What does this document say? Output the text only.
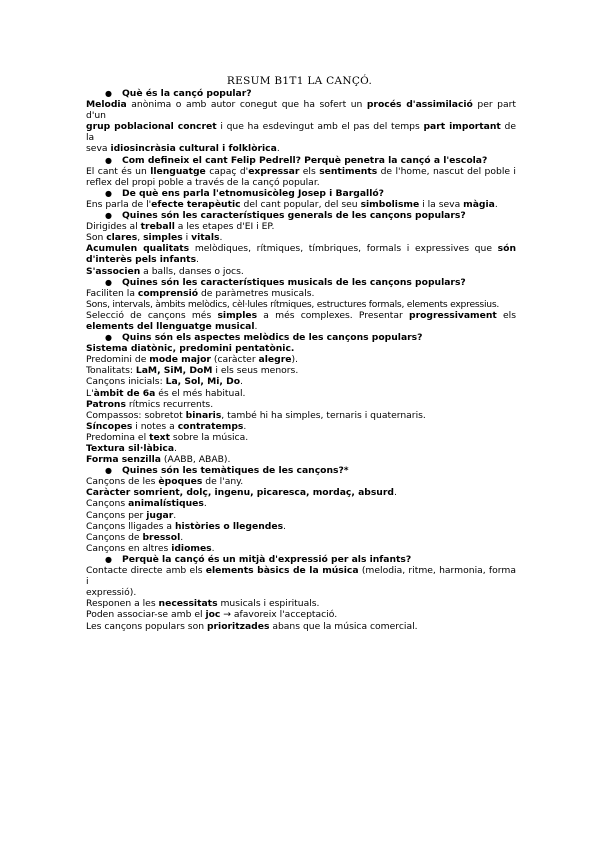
RESUM B1T1 LA CANÇÓ.
● Què és la cançó popular?
Melodia anònima o amb autor conegut que ha sofert un procés d'assimilació per part d'un
grup poblacional concret i que ha esdevingut amb el pas del temps part important de la
seva idiosincràsia cultural i folklòrica.
● Com defineix el cant Felip Pedrell? Perquè penetra la cançó a l'escola?
El cant és un llenguatge capaç d'expressar els sentiments de l'home, nascut del poble i
reflex del propi poble a través de la cançó popular.
● De què ens parla l'etnomusicòleg Josep i Bargalló?
Ens parla de l'efecte terapèutic del cant popular, del seu simbolisme i la seva màgia.
● Quines són les característiques generals de les cançons populars?
Dirigides al treball a les etapes d'EI i EP.
Son clares, simples i vitals.
Acumulen qualitats melòdiques, rítmiques, tímbriques, formals i expressives que són
d'interès pels infants.
S'associen a balls, danses o jocs.
● Quines són les característiques musicals de les cançons populars?
Faciliten la comprensió de paràmetres musicals.
Sons, intervals, àmbits melòdics, cèl·lules rítmiques, estructures formals, elements expressius.
Selecció de cançons més simples a més complexes. Presentar progressivament els
elements del llenguatge musical.
● Quins són els aspectes melòdics de les cançons populars?
Sistema diatònic, predomini pentatònic.
Predomini de mode major (caràcter alegre).
Tonalitats: LaM, SiM, DoM i els seus menors.
Cançons inicials: La, Sol, Mi, Do.
L'àmbit de 6a és el més habitual.
Patrons rítmics recurrents.
Compassos: sobretot binaris, també hi ha simples, ternaris i quaternaris.
Síncopes i notes a contratemps.
Predomina el text sobre la música.
Textura sil·làbica.
Forma senzilla (AABB, ABAB).
● Quines són les temàtiques de les cançons?*
Cançons de les èpoques de l'any.
Caràcter somrient, dolç, ingenu, picaresca, mordaç, absurd.
Cançons animalístiques.
Cançons per jugar.
Cançons lligades a històries o llegendes.
Cançons de bressol.
Cançons en altres idiomes.
● Perquè la cançó és un mitjà d'expressió per als infants?
Contacte directe amb els elements bàsics de la música (melodia, ritme, harmonia, forma i
expressió).
Responen a les necessitats musicals i espirituals.
Poden associar-se amb el joc → afavoreix l'acceptació.
Les cançons populars son prioritzades abans que la música comercial.
